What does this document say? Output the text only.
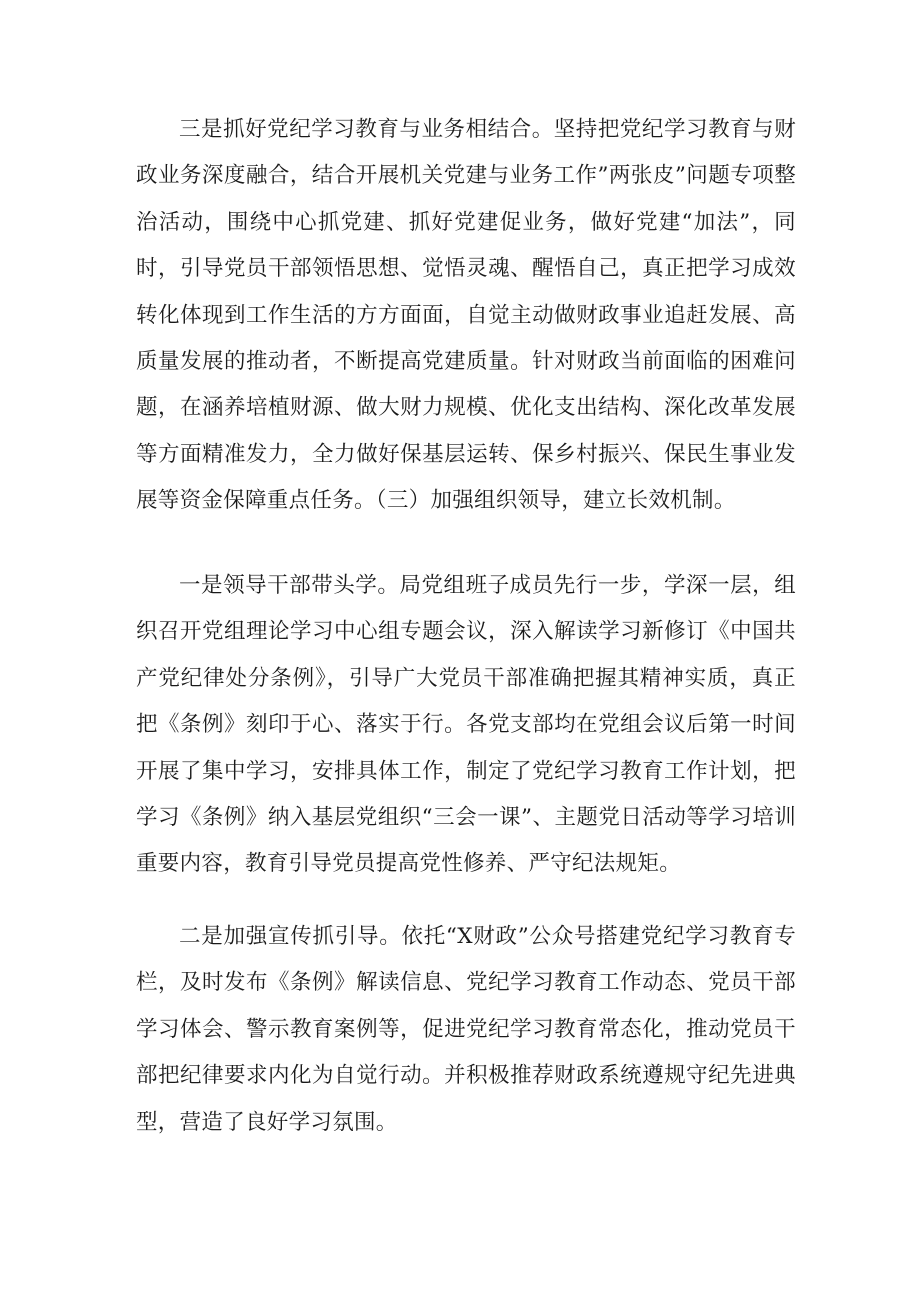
三是抓好党纪学习教育与业务相结合。坚持把党纪学习教育与财政业务深度融合，结合开展机关党建与业务工作”两张皮”问题专项整治活动，围绕中心抓党建、抓好党建促业务，做好党建“加法”，同时，引导党员干部领悟思想、觉悟灵魂、醒悟自己，真正把学习成效转化体现到工作生活的方方面面，自觉主动做财政事业追赶发展、高质量发展的推动者，不断提高党建质量。针对财政当前面临的困难问题，在涵养培植财源、做大财力规模、优化支出结构、深化改革发展等方面精准发力，全力做好保基层运转、保乡村振兴、保民生事业发展等资金保障重点任务。（三）加强组织领导，建立长效机制。

一是领导干部带头学。局党组班子成员先行一步，学深一层，组织召开党组理论学习中心组专题会议，深入解读学习新修订《中国共产党纪律处分条例》，引导广大党员干部准确把握其精神实质，真正把《条例》刻印于心、落实于行。各党支部均在党组会议后第一时间开展了集中学习，安排具体工作，制定了党纪学习教育工作计划，把学习《条例》纳入基层党组织“三会一课”、主题党日活动等学习培训重要内容，教育引导党员提高党性修养、严守纪法规矩。

二是加强宣传抓引导。依托“X财政”公众号搭建党纪学习教育专栏，及时发布《条例》解读信息、党纪学习教育工作动态、党员干部学习体会、警示教育案例等，促进党纪学习教育常态化，推动党员干部把纪律要求内化为自觉行动。并积极推荐财政系统遵规守纪先进典型，营造了良好学习氛围。
